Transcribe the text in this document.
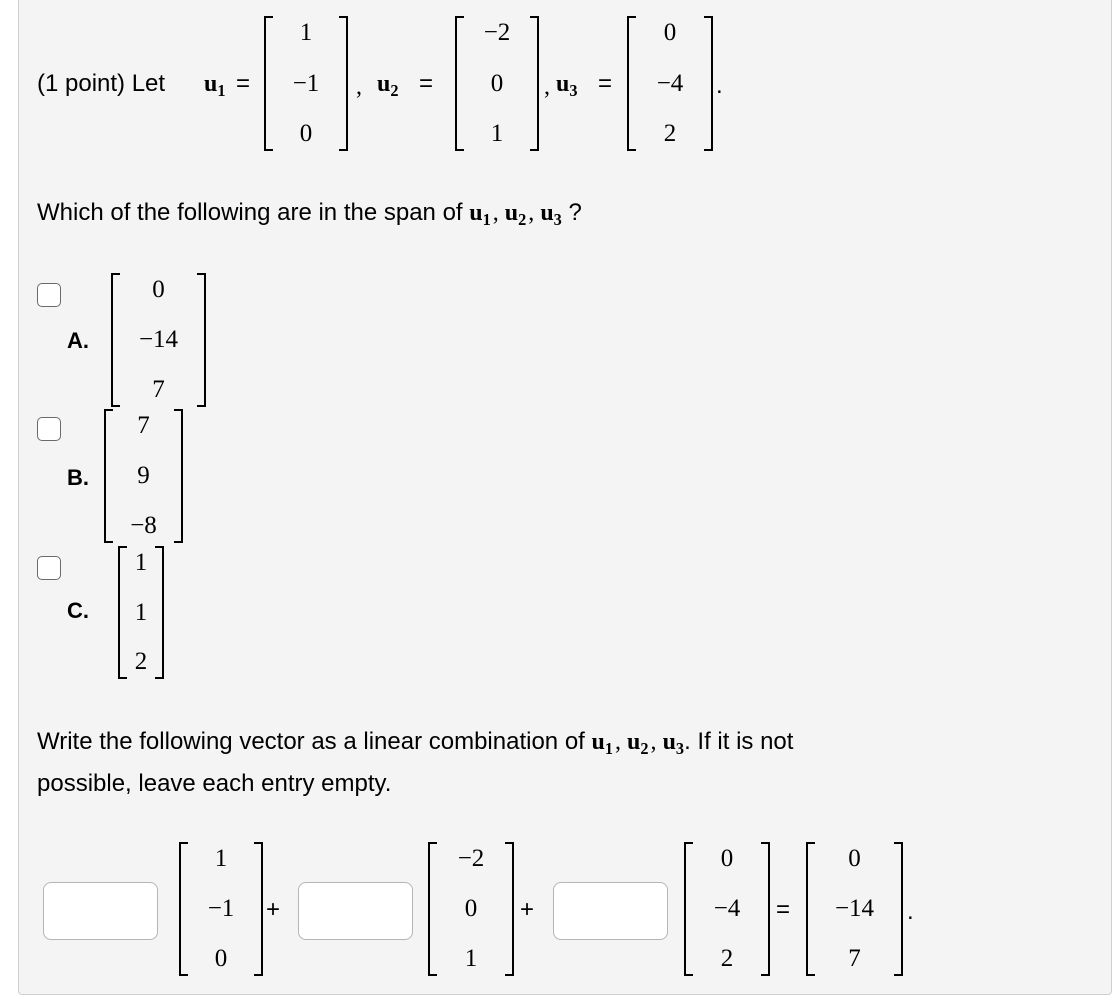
(1 point) Let $u_1$ =
1
−1
0
, $u_2$ =
−2
0
1
, $u_3$ =
0
−4
2
.
Which of the following are in the span of $u_1$ , $u_2$ , $u_3$ ?
A.
0
−14
7
B.
7
9
−8
C.
1
1
2
Write the following vector as a linear combination of $u_1$ , $u_2$ , $u_3$. If it is not
possible, leave each entry empty.
1
−1
0
+
−2
0
1
+
0
−4
2
=
0
−14
7
.
